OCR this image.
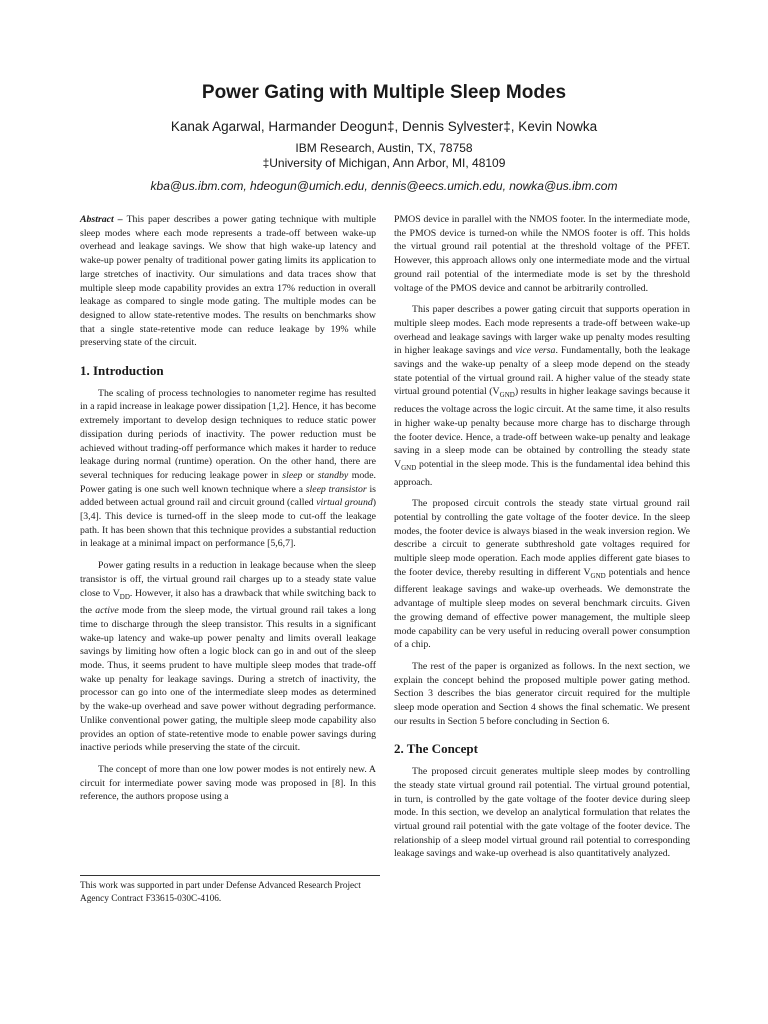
Power Gating with Multiple Sleep Modes
Kanak Agarwal, Harmander Deogun‡, Dennis Sylvester‡, Kevin Nowka
IBM Research, Austin, TX, 78758
‡University of Michigan, Ann Arbor, MI, 48109
kba@us.ibm.com, hdeogun@umich.edu, dennis@eecs.umich.edu, nowka@us.ibm.com

Abstract – This paper describes a power gating technique with multiple sleep modes where each mode represents a trade-off between wake-up overhead and leakage savings. We show that high wake-up latency and wake-up power penalty of traditional power gating limits its application to large stretches of inactivity. Our simulations and data traces show that multiple sleep mode capability provides an extra 17% reduction in overall leakage as compared to single mode gating. The multiple modes can be designed to allow state-retentive modes. The results on benchmarks show that a single state-retentive mode can reduce leakage by 19% while preserving state of the circuit.

1. Introduction

The scaling of process technologies to nanometer regime has resulted in a rapid increase in leakage power dissipation [1,2]. Hence, it has become extremely important to develop design techniques to reduce static power dissipation during periods of inactivity. The power reduction must be achieved without trading-off performance which makes it harder to reduce leakage during normal (runtime) operation. On the other hand, there are several techniques for reducing leakage power in sleep or standby mode. Power gating is one such well known technique where a sleep transistor is added between actual ground rail and circuit ground (called virtual ground) [3,4]. This device is turned-off in the sleep mode to cut-off the leakage path. It has been shown that this technique provides a substantial reduction in leakage at a minimal impact on performance [5,6,7].

Power gating results in a reduction in leakage because when the sleep transistor is off, the virtual ground rail charges up to a steady state value close to $V_{DD}$. However, it also has a drawback that while switching back to the active mode from the sleep mode, the virtual ground rail takes a long time to discharge through the sleep transistor. This results in a significant wake-up latency and wake-up power penalty and limits overall leakage savings by limiting how often a logic block can go in and out of the sleep mode. Thus, it seems prudent to have multiple sleep modes that trade-off wake up penalty for leakage savings. During a stretch of inactivity, the processor can go into one of the intermediate sleep modes as determined by the wake-up overhead and save power without degrading performance. Unlike conventional power gating, the multiple sleep mode capability also provides an option of state-retentive mode to enable power savings during inactive periods while preserving the state of the circuit.

The concept of more than one low power modes is not entirely new. A circuit for intermediate power saving mode was proposed in [8]. In this reference, the authors propose using a

This work was supported in part under Defense Advanced Research Project Agency Contract F33615-030C-4106.

PMOS device in parallel with the NMOS footer. In the intermediate mode, the PMOS device is turned-on while the NMOS footer is off. This holds the virtual ground rail potential at the threshold voltage of the PFET. However, this approach allows only one intermediate mode and the virtual ground rail potential of the intermediate mode is set by the threshold voltage of the PMOS device and cannot be arbitrarily controlled.

This paper describes a power gating circuit that supports operation in multiple sleep modes. Each mode represents a trade-off between wake-up overhead and leakage savings with larger wake up penalty modes resulting in higher leakage savings and vice versa. Fundamentally, both the leakage savings and the wake-up penalty of a sleep mode depend on the steady state potential of the virtual ground rail. A higher value of the steady state virtual ground potential $(V_{GND})$ results in higher leakage savings because it reduces the voltage across the logic circuit. At the same time, it also results in higher wake-up penalty because more charge has to discharge through the footer device. Hence, a trade-off between wake-up penalty and leakage saving in a sleep mode can be obtained by controlling the steady state $V_{GND}$ potential in the sleep mode. This is the fundamental idea behind this approach.

The proposed circuit controls the steady state virtual ground rail potential by controlling the gate voltage of the footer device. In the sleep modes, the footer device is always biased in the weak inversion region. We describe a circuit to generate subthreshold gate voltages required for multiple sleep mode operation. Each mode applies different gate biases to the footer device, thereby resulting in different $V_{GND}$ potentials and hence different leakage savings and wake-up overheads. We demonstrate the advantage of multiple sleep modes on several benchmark circuits. Given the growing demand of effective power management, the multiple sleep mode capability can be very useful in reducing overall power consumption of a chip.

The rest of the paper is organized as follows. In the next section, we explain the concept behind the proposed multiple power gating method. Section 3 describes the bias generator circuit required for the multiple sleep mode operation and Section 4 shows the final schematic. We present our results in Section 5 before concluding in Section 6.

2. The Concept

The proposed circuit generates multiple sleep modes by controlling the steady state virtual ground rail potential. The virtual ground potential, in turn, is controlled by the gate voltage of the footer device during sleep mode. In this section, we develop an analytical formulation that relates the virtual ground rail potential with the gate voltage of the footer device. The relationship of a sleep model virtual ground rail potential to corresponding leakage savings and wake-up overhead is also quantitatively analyzed.
